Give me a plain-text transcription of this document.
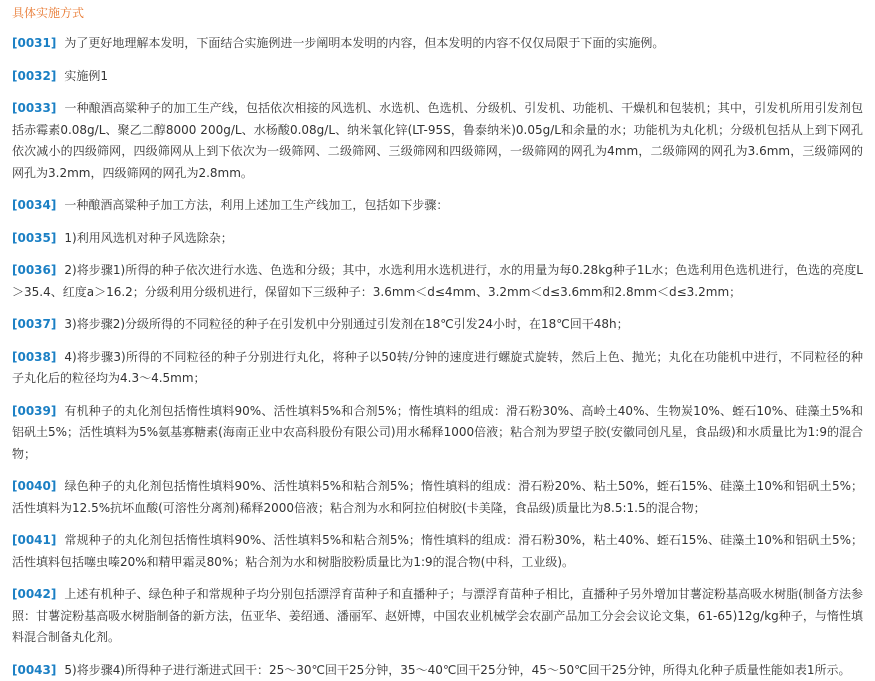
具体实施方式

[0031] 为了更好地理解本发明，下面结合实施例进一步阐明本发明的内容，但本发明的内容不仅仅局限于下面的实施例。

[0032] 实施例1

[0033] 一种酿酒高粱种子的加工生产线，包括依次相接的风选机、水选机、色选机、分级机、引发机、功能机、干燥机和包装机；其中，引发机所用引发剂包括赤霉素0.08g/L、聚乙二醇8000 200g/L、水杨酸0.08g/L、纳米氧化锌(LT-95S，鲁泰纳米)0.05g/L和余量的水；功能机为丸化机；分级机包括从上到下网孔依次减小的四级筛网，四级筛网从上到下依次为一级筛网、二级筛网、三级筛网和四级筛网，一级筛网的网孔为4mm，二级筛网的网孔为3.6mm，三级筛网的网孔为3.2mm，四级筛网的网孔为2.8mm。

[0034] 一种酿酒高粱种子加工方法，利用上述加工生产线加工，包括如下步骤：

[0035] 1)利用风选机对种子风选除杂；

[0036] 2)将步骤1)所得的种子依次进行水选、色选和分级；其中，水选利用水选机进行，水的用量为每0.28kg种子1L水；色选利用色选机进行，色选的亮度L＞35.4、红度a＞16.2；分级利用分级机进行，保留如下三级种子：3.6mm＜d≤4mm、3.2mm＜d≤3.6mm和2.8mm＜d≤3.2mm；

[0037] 3)将步骤2)分级所得的不同粒径的种子在引发机中分别通过引发剂在18℃引发24小时，在18℃回干48h；

[0038] 4)将步骤3)所得的不同粒径的种子分别进行丸化，将种子以50转/分钟的速度进行螺旋式旋转，然后上色、抛光；丸化在功能机中进行，不同粒径的种子丸化后的粒径均为4.3～4.5mm；

[0039] 有机种子的丸化剂包括惰性填料90%、活性填料5%和合剂5%；惰性填料的组成：滑石粉30%、高岭土40%、生物炭10%、蛭石10%、硅藻土5%和铝矾土5%；活性填料为5%氨基寡糖素(海南正业中农高科股份有限公司)用水稀释1000倍液；粘合剂为罗望子胶(安徽同创凡星，食品级)和水质量比为1:9的混合物；

[0040] 绿色种子的丸化剂包括惰性填料90%、活性填料5%和粘合剂5%；惰性填料的组成：滑石粉20%、粘土50%，蛭石15%、硅藻土10%和铝矾土5%；活性填料为12.5%抗坏血酸(可溶性分离剂)稀释2000倍液；粘合剂为水和阿拉伯树胶(卡美隆，食品级)质量比为8.5:1.5的混合物；

[0041] 常规种子的丸化剂包括惰性填料90%、活性填料5%和粘合剂5%；惰性填料的组成：滑石粉30%，粘土40%、蛭石15%、硅藻土10%和铝矾土5%；活性填料包括噻虫嗪20%和精甲霜灵80%；粘合剂为水和树脂胶粉质量比为1:9的混合物(中科，工业级)。

[0042] 上述有机种子、绿色种子和常规种子均分别包括漂浮育苗种子和直播种子；与漂浮育苗种子相比，直播种子另外增加甘薯淀粉基高吸水树脂(制备方法参照：甘薯淀粉基高吸水树脂制备的新方法，伍亚华、姜绍通、潘丽军、赵妍博，中国农业机械学会农副产品加工分会会议论文集，61-65)12g/kg种子，与惰性填料混合制备丸化剂。

[0043] 5)将步骤4)所得种子进行渐进式回干：25～30℃回干25分钟，35～40℃回干25分钟，45～50℃回干25分钟，所得丸化种子质量性能如表1所示。
